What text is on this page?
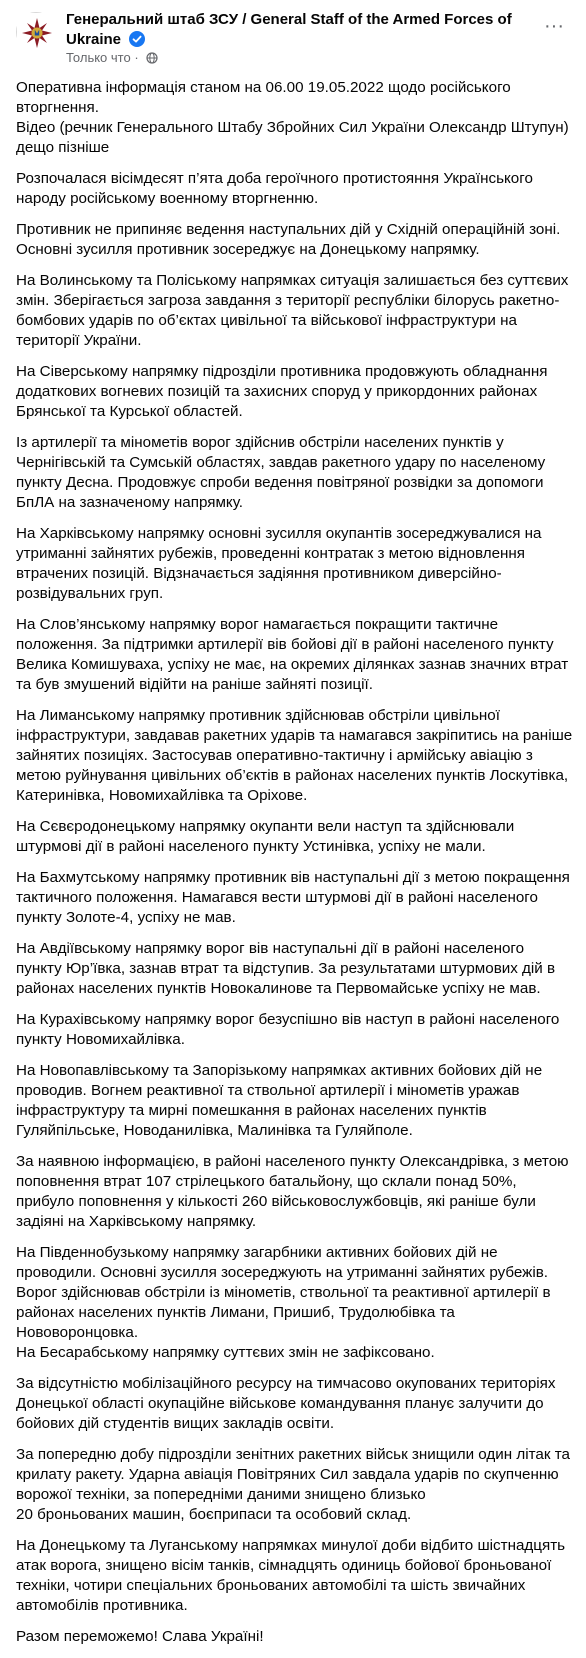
Генеральний штаб ЗСУ / General Staff of the Armed Forces of Ukraine
Только что ·
···

Оперативна інформація станом на 06.00 19.05.2022 щодо російського вторгнення.
Відео (речник Генерального Штабу Збройних Сил України Олександр Штупун) дещо пізніше

Розпочалася вісімдесят п’ята доба героїчного протистояння Українського народу російському военному вторгненню.

Противник не припиняє ведення наступальних дій у Східній операційній зоні. Основні зусилля противник зосереджує на Донецькому напрямку.

На Волинському та Поліському напрямках ситуація залишається без суттєвих змін. Зберігається загроза завдання з території республіки білорусь ракетно-бомбових ударів по об’єктах цивільної та військової інфраструктури на території України.

На Сіверському напрямку підрозділи противника продовжують обладнання додаткових вогневих позицій та захисних споруд у прикордонних районах Брянської та Курської областей.

Із артилерії та мінометів ворог здійснив обстріли населених пунктів у Чернігівській та Сумській областях, завдав ракетного удару по населеному пункту Десна. Продовжує спроби ведення повітряної розвідки за допомоги БпЛА на зазначеному напрямку.

На Харківському напрямку основні зусилля окупантів зосереджувалися на утриманні зайнятих рубежів, проведенні контратак з метою відновлення втрачених позицій. Відзначається задіяння противником диверсійно-розвідувальних груп.

На Слов’янському напрямку ворог намагається покращити тактичне положення. За підтримки артилерії вів бойові дії в районі населеного пункту Велика Комишуваха, успіху не має, на окремих ділянках зазнав значних втрат та був змушений відійти на раніше зайняті позиції.

На Лиманському напрямку противник здійснював обстріли цивільної інфраструктури, завдавав ракетних ударів та намагався закріпитись на раніше зайнятих позиціях. Застосував оперативно-тактичну і армійську авіацію з метою руйнування цивільних об’єктів в районах населених пунктів Лоскутівка, Катеринівка, Новомихайлівка та Оріхове.

На Сєвєродонецькому напрямку окупанти вели наступ та здійснювали штурмові дії в районі населеного пункту Устинівка, успіху не мали.

На Бахмутському напрямку противник вів наступальні дії з метою покращення тактичного положення. Намагався вести штурмові дії в районі населеного пункту Золоте-4, успіху не мав.

На Авдіївському напрямку ворог вів наступальні дії в районі населеного пункту Юр’ївка, зазнав втрат та відступив. За результатами штурмових дій в районах населених пунктів Новокалинове та Первомайське успіху не мав.

На Курахівському напрямку ворог безуспішно вів наступ в районі населеного пункту Новомихайлівка.

На Новопавлівському та Запорізькому напрямках активних бойових дій не проводив. Вогнем реактивної та ствольної артилерії і мінометів уражав інфраструктуру та мирні помешкання в районах населених пунктів Гуляйпільське, Новоданилівка, Малинівка та Гуляйполе.

За наявною інформацією, в районі населеного пункту Олександрівка, з метою поповнення втрат 107 стрілецького батальйону, що склали понад 50%, прибуло поповнення у кількості 260 військовослужбовців, які раніше були задіяні на Харківському напрямку.

На Південнобузькому напрямку загарбники активних бойових дій не проводили. Основні зусилля зосереджують на утриманні зайнятих рубежів. Ворог здійснював обстріли із мінометів, ствольної та реактивної артилерії в районах населених пунктів Лимани, Пришиб, Трудолюбівка та Нововоронцовка.
На Бесарабському напрямку суттєвих змін не зафіксовано.

За відсутністю мобілізаційного ресурсу на тимчасово окупованих територіях Донецької області окупаційне військове командування планує залучити до бойових дій студентів вищих закладів освіти.

За попередню добу підрозділи зенітних ракетних військ знищили один літак та крилату ракету. Ударна авіація Повітряних Сил завдала ударів по скупченню ворожої техніки, за попередніми даними знищено близько
20 броньованих машин, боєприпаси та особовий склад.

На Донецькому та Луганському напрямках минулої доби відбито шістнадцять атак ворога, знищено вісім танків, сімнадцять одиниць бойової броньованої техніки, чотири спеціальних броньованих автомобілі та шість звичайних автомобілів противника.

Разом переможемо! Слава Україні!
